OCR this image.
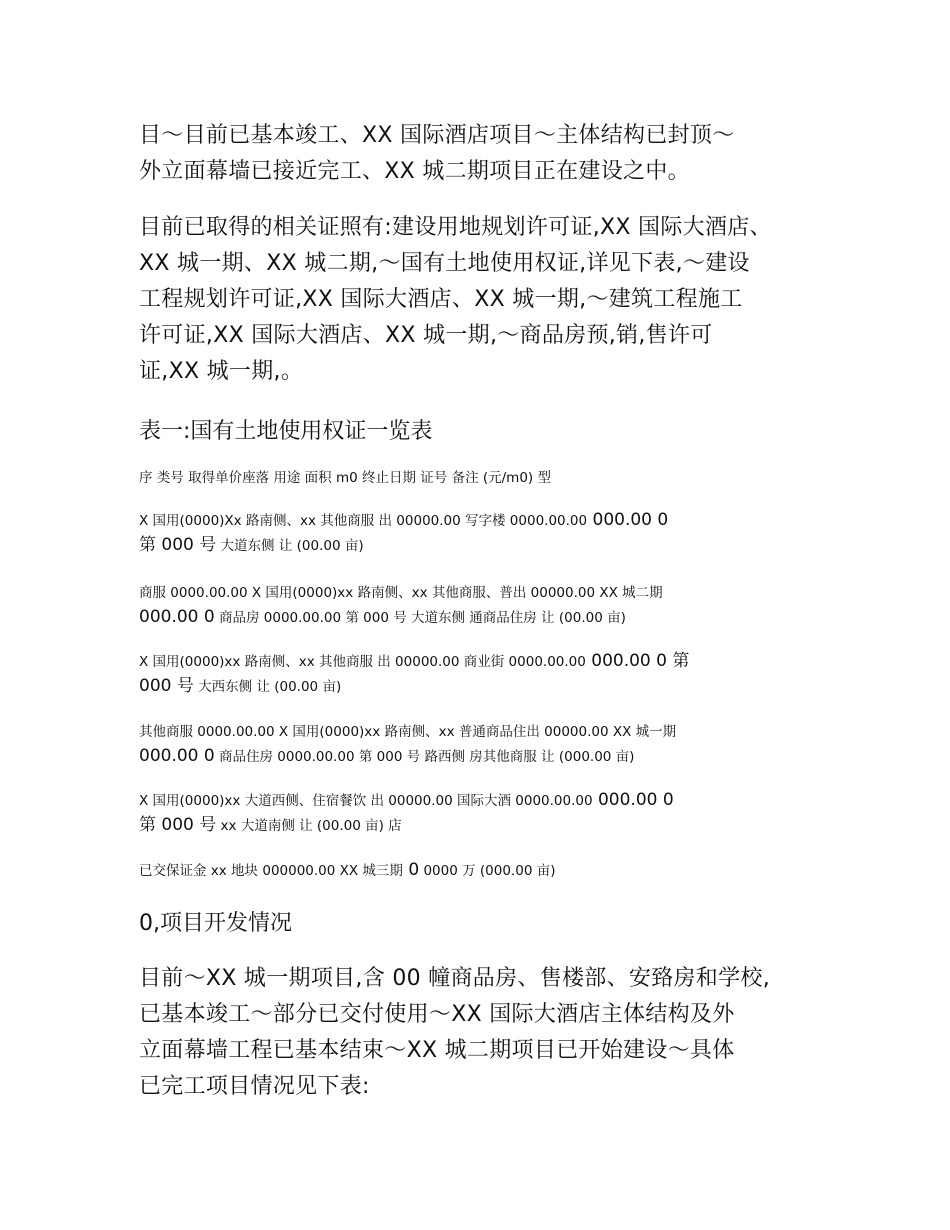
目～目前已基本竣工、XX 国际酒店项目～主体结构已封顶～
外立面幕墙已接近完工、XX 城二期项目正在建设之中。
目前已取得的相关证照有:建设用地规划许可证,XX 国际大酒店、
XX 城一期、XX 城二期,～国有土地使用权证,详见下表,～建设
工程规划许可证,XX 国际大酒店、XX 城一期,～建筑工程施工
许可证,XX 国际大酒店、XX 城一期,～商品房预,销,售许可
证,XX 城一期,。
表一:国有土地使用权证一览表
序 类号 取得单价座落 用途 面积 m0 终止日期 证号 备注 (元/m0) 型
X 国用(0000)Xx 路南侧、xx 其他商服 出 00000.00 写字楼 0000.00.00 000.00 0
第 000 号 大道东侧 让 (00.00 亩)
商服 0000.00.00 X 国用(0000)xx 路南侧、xx 其他商服、普出 00000.00 XX 城二期
000.00 0 商品房 0000.00.00 第 000 号 大道东侧 通商品住房 让 (00.00 亩)
X 国用(0000)xx 路南侧、xx 其他商服 出 00000.00 商业街 0000.00.00 000.00 0 第
000 号 大西东侧 让 (00.00 亩)
其他商服 0000.00.00 X 国用(0000)xx 路南侧、xx 普通商品住出 00000.00 XX 城一期
000.00 0 商品住房 0000.00.00 第 000 号 路西侧 房其他商服 让 (000.00 亩)
X 国用(0000)xx 大道西侧、住宿餐饮 出 00000.00 国际大酒 0000.00.00 000.00 0
第 000 号 xx 大道南侧 让 (00.00 亩) 店
已交保证金 xx 地块 000000.00 XX 城三期 0 0000 万 (000.00 亩)
0,项目开发情况
目前～XX 城一期项目,含 00 幢商品房、售楼部、安臵房和学校,
已基本竣工～部分已交付使用～XX 国际大酒店主体结构及外
立面幕墙工程已基本结束～XX 城二期项目已开始建设～具体
已完工项目情况见下表:
